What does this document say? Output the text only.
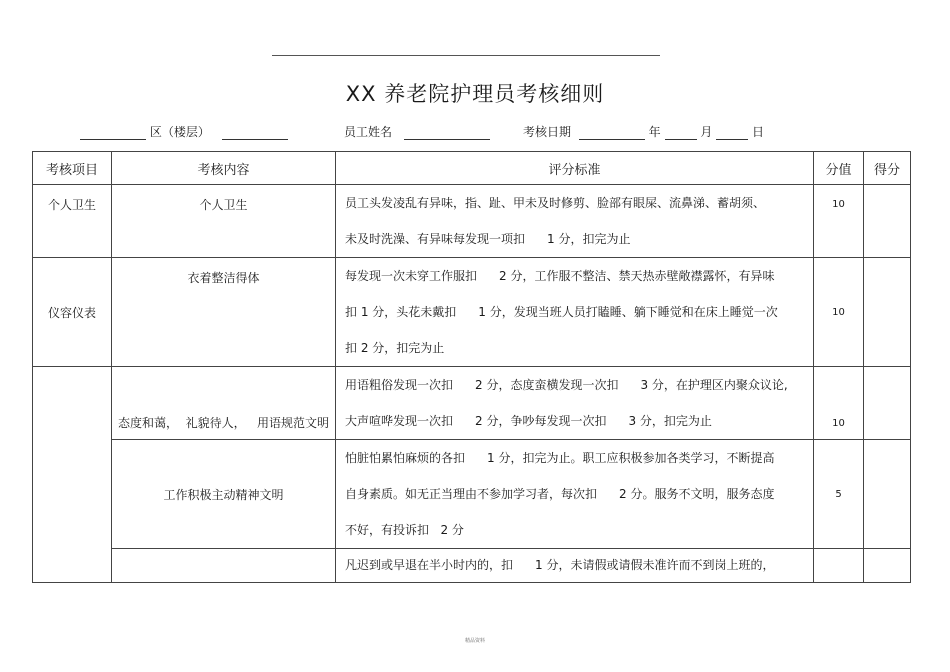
XX 养老院护理员考核细则
区（楼层）	员工姓名	考核日期	年	月	日
考核项目	考核内容	评分标准	分值	得分
个人卫生	个人卫生	员工头发凌乱有异味，指、趾、甲未及时修剪、脸部有眼屎、流鼻涕、蓄胡须、
未及时洗澡、有异味每发现一项扣 1 分，扣完为止	10	
仪容仪表	衣着整洁得体	每发现一次未穿工作服扣 2 分，工作服不整洁、禁天热赤壁敞襟露怀，有异味
扣 1 分，头花未戴扣 1 分，发现当班人员打瞌睡、躺下睡觉和在床上睡觉一次
扣 2 分，扣完为止	10	
	态度和蔼，  礼貌待人，   用语规范文明	用语粗俗发现一次扣 2 分，态度蛮横发现一次扣 3 分，在护理区内聚众议论,
大声喧哗发现一次扣 2 分，争吵每发现一次扣 3 分，扣完为止	10	
	工作积极主动精神文明	怕脏怕累怕麻烦的各扣 1 分，扣完为止。职工应积极参加各类学习，不断提高
自身素质。如无正当理由不参加学习者，每次扣 2 分。服务不文明，服务态度
不好，有投诉扣   2 分	5	

		凡迟到或早退在半小时内的，扣 1 分，未请假或请假未准许而不到岗上班的，		

精品资料
